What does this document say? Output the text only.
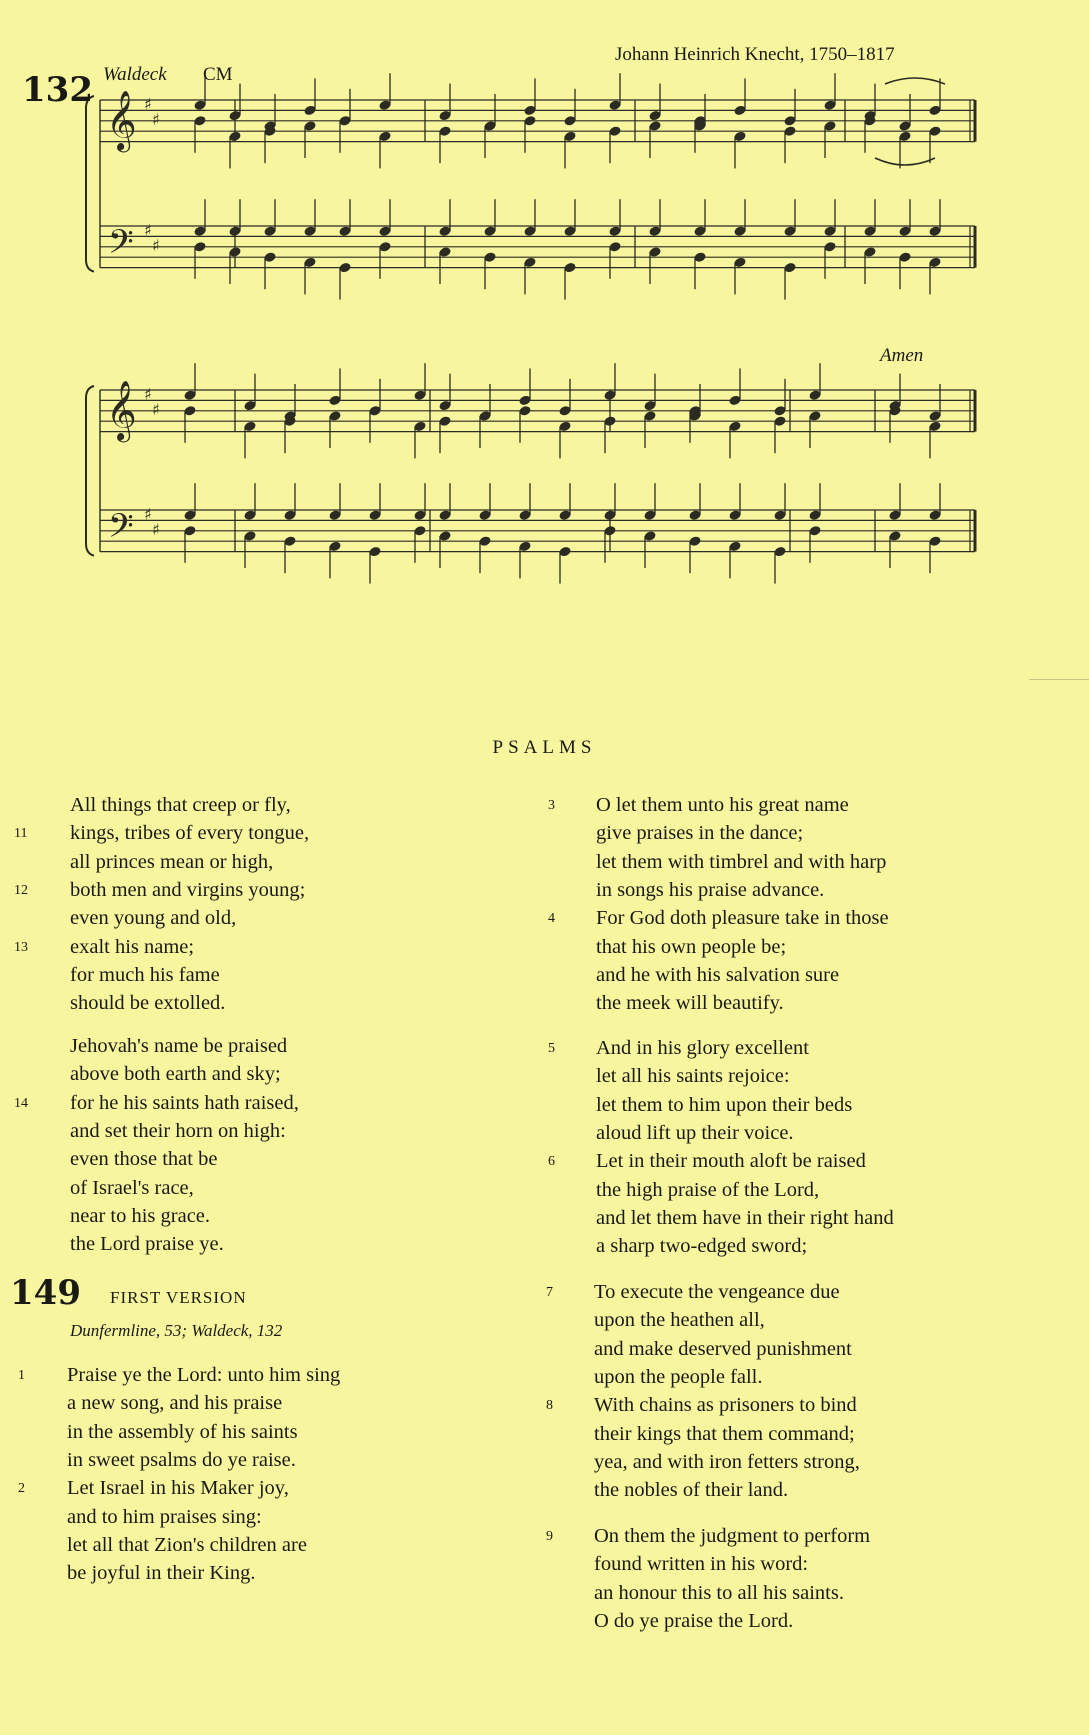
𝄞
𝄢
♯
♯
♯
♯
𝄞
𝄢
♯
♯
♯
♯
132 Waldeck CM
Johann Heinrich Knecht, 1750–1817
Amen
PSALMS
149 FIRST VERSION
Dunfermline, 53; Waldeck, 132
All things that creep or fly,
kings, tribes of every tongue,
11
all princes mean or high,
both men and virgins young;
12
even young and old,
exalt his name;
13
for much his fame
should be extolled.
Jehovah's name be praised
above both earth and sky;
for he his saints hath raised,
14
and set their horn on high:
even those that be
of Israel's race,
near to his grace.
the Lord praise ye.
Praise ye the Lord: unto him sing
1
a new song, and his praise
in the assembly of his saints
in sweet psalms do ye raise.
Let Israel in his Maker joy,
2
and to him praises sing:
let all that Zion's children are
be joyful in their King.
O let them unto his great name
3
give praises in the dance;
let them with timbrel and with harp
in songs his praise advance.
For God doth pleasure take in those
4
that his own people be;
and he with his salvation sure
the meek will beautify.
And in his glory excellent
5
let all his saints rejoice:
let them to him upon their beds
aloud lift up their voice.
Let in their mouth aloft be raised
6
the high praise of the Lord,
and let them have in their right hand
a sharp two-edged sword;
To execute the vengeance due
7
upon the heathen all,
and make deserved punishment
upon the people fall.
With chains as prisoners to bind
8
their kings that them command;
yea, and with iron fetters strong,
the nobles of their land.
On them the judgment to perform
9
found written in his word:
an honour this to all his saints.
O do ye praise the Lord.
